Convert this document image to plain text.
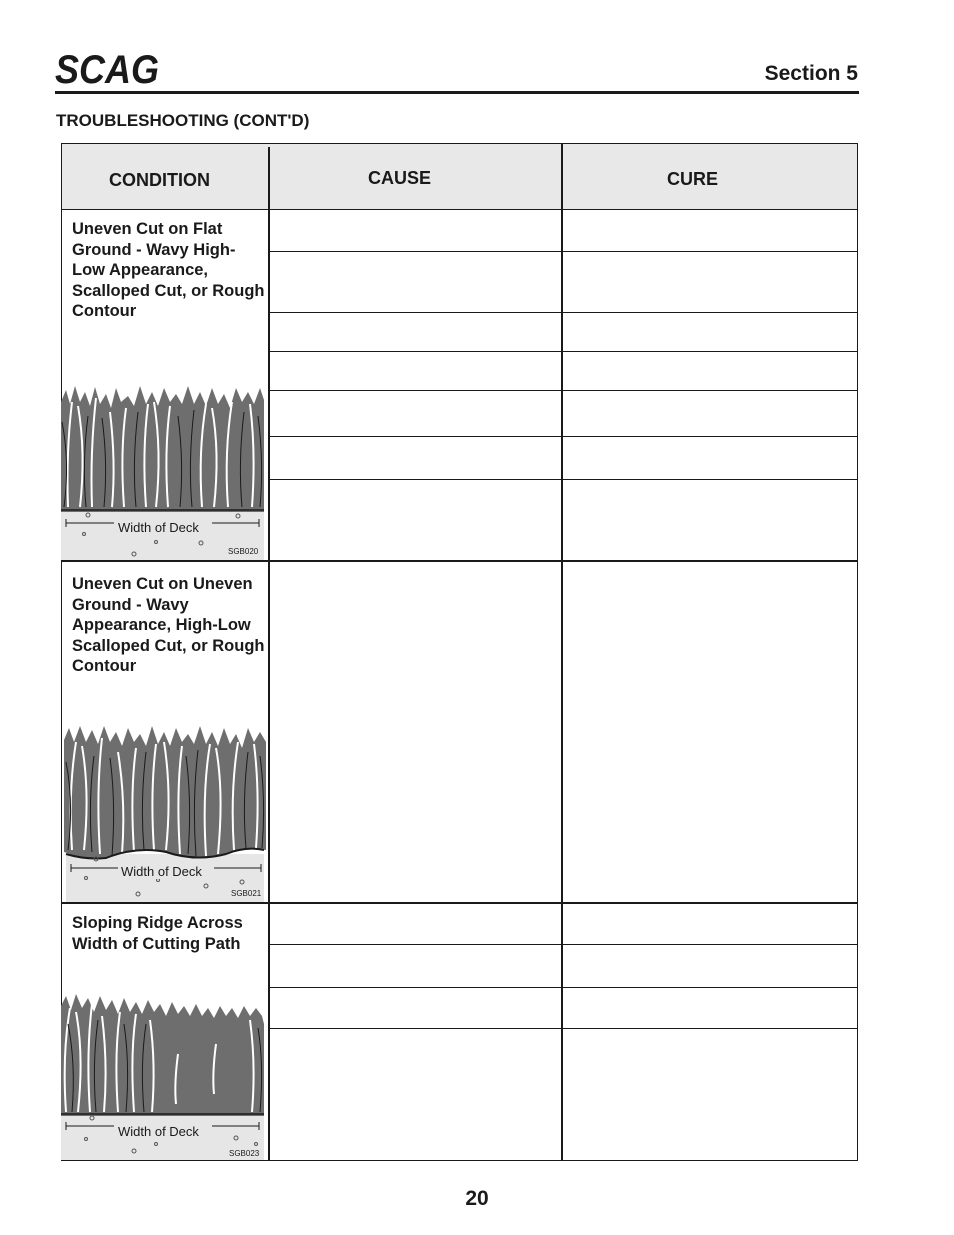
SCAG	Section 5
TROUBLESHOOTING (CONT'D)
CONDITION	CAUSE	CURE
Uneven Cut on Flat Ground - Wavy High-Low Appearance, Scalloped Cut, or Rough Contour
Width of Deck
SGB020
Uneven Cut on Uneven Ground - Wavy Appearance, High-Low Scalloped Cut, or Rough Contour
Width of Deck
SGB021
Sloping Ridge Across Width of Cutting Path
Width of Deck
SGB023
20
